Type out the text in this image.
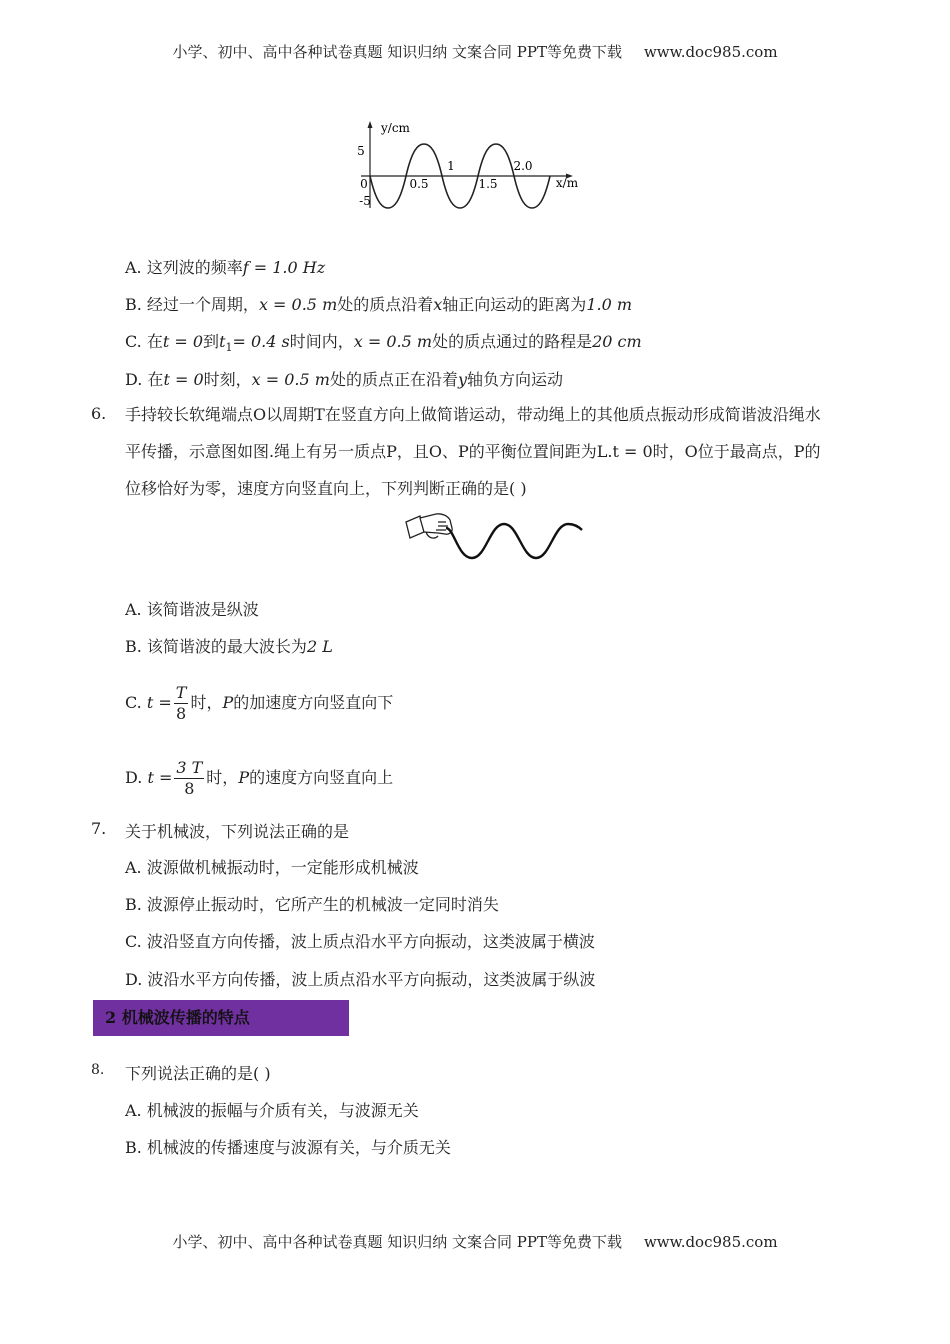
小学、初中、高中各种试卷真题 知识归纳 文案合同 PPT等免费下载 www.doc985.com
y/cm
5
-5
0	0.5
1
1.5
2.0
x/m
A. 这列波的频率f = 1.0 Hz
B. 经过一个周期，x = 0.5 m处的质点沿着x轴正向运动的距离为1.0 m
C. 在t = 0到$t_1= 0.4$ s时间内，x = 0.5 m处的质点通过的路程是20 cm
D. 在t = 0时刻，x = 0.5 m处的质点正在沿着y轴负方向运动
6. 手持较长软绳端点O以周期T在竖直方向上做简谐运动，带动绳上的其他质点振动形成简谐波沿绳水
平传播，示意图如图.绳上有另一质点P，且O、P的平衡位置间距为L.t = 0时，O位于最高点，P的
位移恰好为零，速度方向竖直向上，下列判断正确的是( )
A. 该简谐波是纵波
B. 该简谐波的最大波长为2 L
C. $t = \frac{T}{8}$ 时，P的加速度方向竖直向下
D. $t = \frac{3 T}{8}$ 时，P的速度方向竖直向上
7. 关于机械波，下列说法正确的是
A. 波源做机械振动时，一定能形成机械波
B. 波源停止振动时，它所产生的机械波一定同时消失
C. 波沿竖直方向传播，波上质点沿水平方向振动，这类波属于横波
D. 波沿水平方向传播，波上质点沿水平方向振动，这类波属于纵波
2 机械波传播的特点
8. 下列说法正确的是( )
A. 机械波的振幅与介质有关，与波源无关
B. 机械波的传播速度与波源有关，与介质无关
小学、初中、高中各种试卷真题 知识归纳 文案合同 PPT等免费下载 www.doc985.com
